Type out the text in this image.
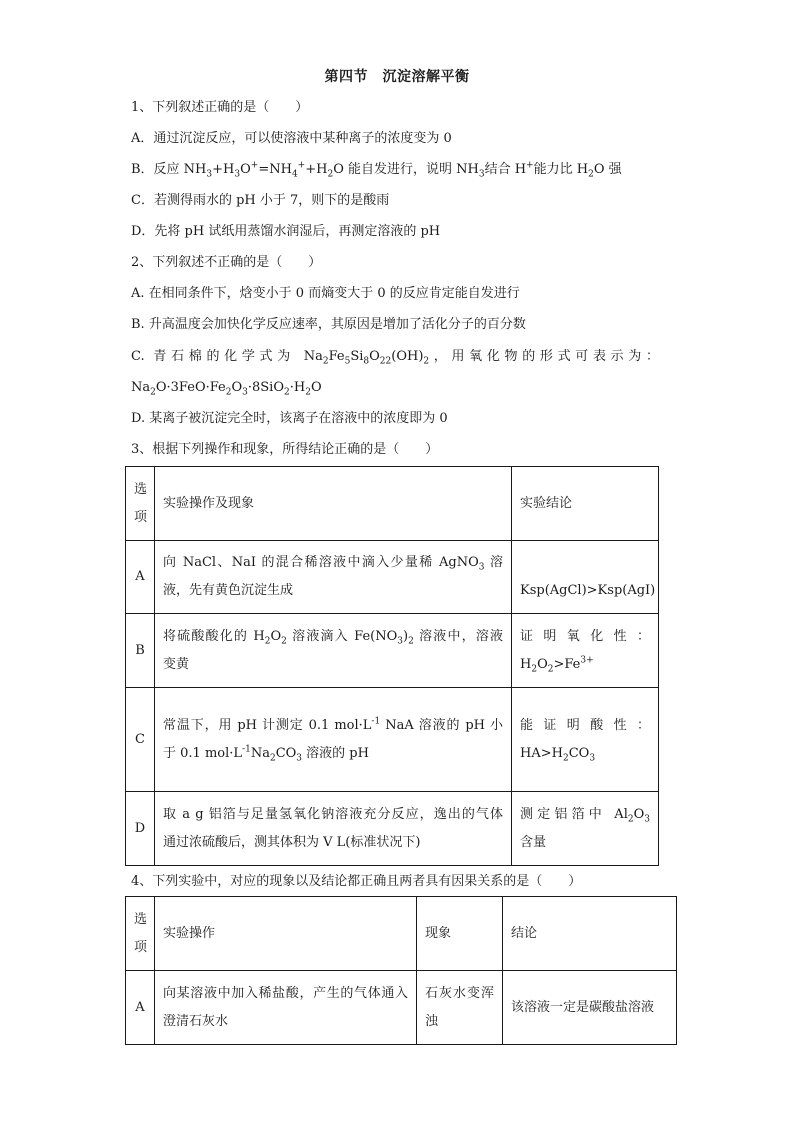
第四节　沉淀溶解平衡
1、下列叙述正确的是（　　）
A．通过沉淀反应，可以使溶液中某种离子的浓度变为 0
B．反应 $NH_3+H_3O^+=NH_4^++H_2O$ 能自发进行，说明 $NH_3$结合 H+能力比 $H_2O$ 强
C．若测得雨水的 pH 小于 7，则下的是酸雨
D．先将 pH 试纸用蒸馏水润湿后，再测定溶液的 pH
2、下列叙述不正确的是（　　）
A. 在相同条件下，焓变小于 0 而熵变大于 0 的反应肯定能自发进行
B. 升高温度会加快化学反应速率，其原因是增加了活化分子的百分数
C. 青石棉的化学式为 $Na_2Fe_5Si_8O_{22}(OH)_2$，用氧化物的形式可表示为：
$Na_2O\cdot 3FeO\cdot Fe_2O_3\cdot 8SiO_2\cdot H_2O$
D. 某离子被沉淀完全时，该离子在溶液中的浓度即为 0
3、根据下列操作和现象，所得结论正确的是（　　）
选项	实验操作及现象	实验结论
A	向 NaCl、NaI 的混合稀溶液中滴入少量稀 AgNO$_3$ 溶
液，先有黄色沉淀生成	Ksp(AgCl)>Ksp(AgI)
B	将硫酸酸化的 $H_2O_2$ 溶液滴入 $Fe(NO_3)_2$ 溶液中，溶液
变黄	证 明 氧 化 性 ：
$H_2O_2>Fe^{3+}$
C	常温下，用 pH 计测定 0.1 $mol\cdot L^{-1}$ NaA 溶液的 pH 小
于 0.1 $mol\cdot L^{-1}Na_2CO_3$ 溶液的 pH	能 证 明 酸 性 ：
$HA>H_2CO_3$
D	取 a g 铝箔与足量氢氧化钠溶液充分反应，逸出的气体
通过浓硫酸后，测其体积为 V L(标准状况下)	测定铝箔中 $Al_2O_3$
含量
4、下列实验中，对应的现象以及结论都正确且两者具有因果关系的是（　　）
选项	实验操作	现象	结论
A	向某溶液中加入稀盐酸，产生的气体通入
澄清石灰水	石灰水变浑
浊	该溶液一定是碳酸盐溶液
